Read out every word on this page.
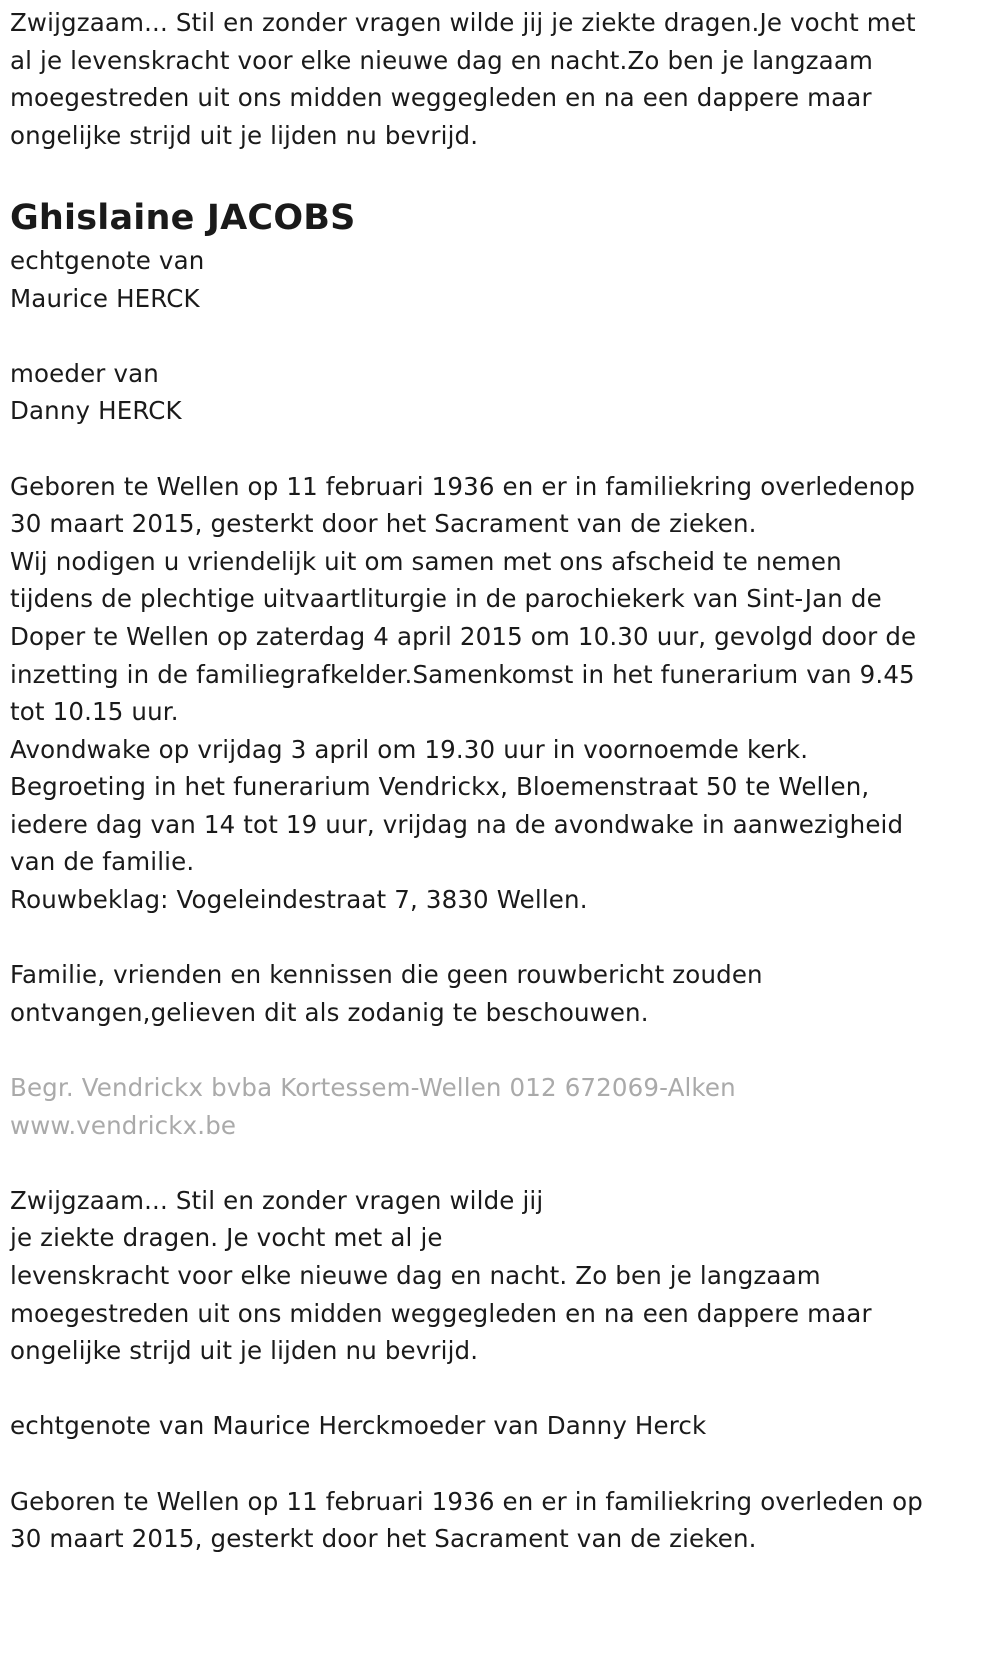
Zwijgzaam... Stil en zonder vragen wilde jij je ziekte dragen.Je vocht met
al je levenskracht voor elke nieuwe dag en nacht.Zo ben je langzaam
moegestreden uit ons midden weggegleden en na een dappere maar
ongelijke strijd uit je lijden nu bevrijd.
Ghislaine JACOBS
echtgenote van
Maurice HERCK
moeder van
Danny HERCK
Geboren te Wellen op 11 februari 1936 en er in familiekring overledenop
30 maart 2015, gesterkt door het Sacrament van de zieken.
Wij nodigen u vriendelijk uit om samen met ons afscheid te nemen
tijdens de plechtige uitvaartliturgie in de parochiekerk van Sint-Jan de
Doper te Wellen op zaterdag 4 april 2015 om 10.30 uur, gevolgd door de
inzetting in de familiegrafkelder.Samenkomst in het funerarium van 9.45
tot 10.15 uur.
Avondwake op vrijdag 3 april om 19.30 uur in voornoemde kerk.
Begroeting in het funerarium Vendrickx, Bloemenstraat 50 te Wellen,
iedere dag van 14 tot 19 uur, vrijdag na de avondwake in aanwezigheid
van de familie.
Rouwbeklag: Vogeleindestraat 7, 3830 Wellen.
Familie, vrienden en kennissen die geen rouwbericht zouden
ontvangen,gelieven dit als zodanig te beschouwen.
Begr. Vendrickx bvba Kortessem-Wellen 012 672069-Alken
www.vendrickx.be
Zwijgzaam... Stil en zonder vragen wilde jij
je ziekte dragen. Je vocht met al je
levenskracht voor elke nieuwe dag en nacht. Zo ben je langzaam
moegestreden uit ons midden weggegleden en na een dappere maar
ongelijke strijd uit je lijden nu bevrijd.
echtgenote van Maurice Herckmoeder van Danny Herck
Geboren te Wellen op 11 februari 1936 en er in familiekring overleden op
30 maart 2015, gesterkt door het Sacrament van de zieken.
